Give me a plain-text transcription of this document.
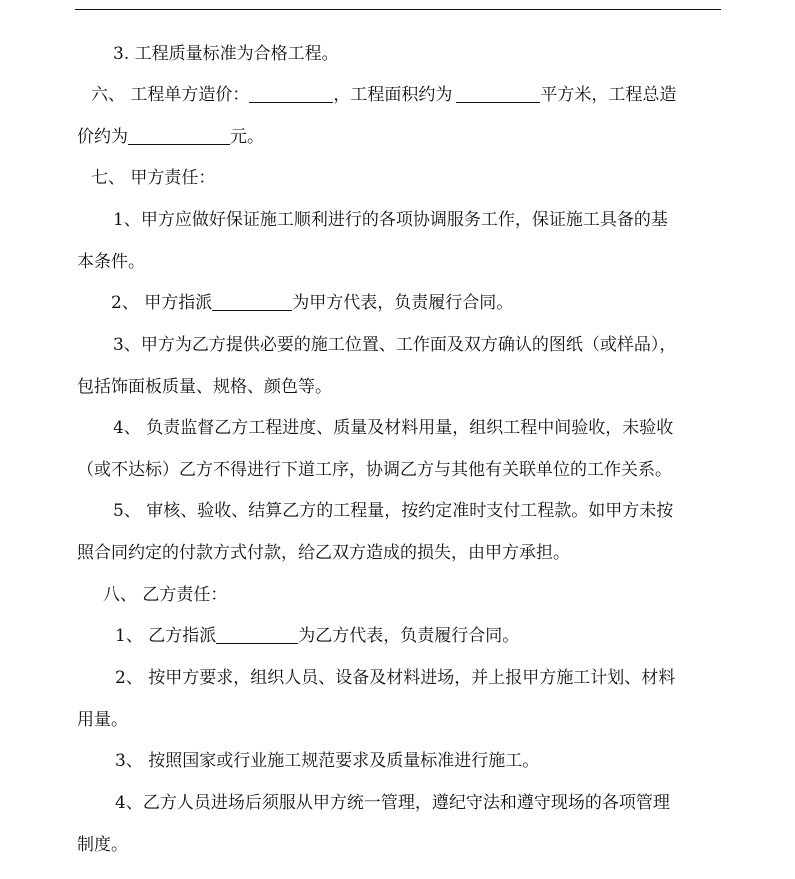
3. 工程质量标准为合格工程。

六、 工程单方造价：	，工程面积约为	平方米，工程总造
价约为	元。

七、 甲方责任：

1、甲方应做好保证施工顺利进行的各项协调服务工作，保证施工具备的基
本条件。

2、 甲方指派	为甲方代表，负责履行合同。

3、甲方为乙方提供必要的施工位置、工作面及双方确认的图纸（或样品），
包括饰面板质量、规格、颜色等。

4、 负责监督乙方工程进度、质量及材料用量，组织工程中间验收，未验收
（或不达标）乙方不得进行下道工序，协调乙方与其他有关联单位的工作关系。

5、 审核、验收、结算乙方的工程量，按约定准时支付工程款。如甲方未按
照合同约定的付款方式付款，给乙双方造成的损失，由甲方承担。

八、 乙方责任：

1、 乙方指派	为乙方代表，负责履行合同。

2、 按甲方要求，组织人员、设备及材料进场，并上报甲方施工计划、材料
用量。

3、 按照国家或行业施工规范要求及质量标准进行施工。

4、乙方人员进场后须服从甲方统一管理，遵纪守法和遵守现场的各项管理
制度。
